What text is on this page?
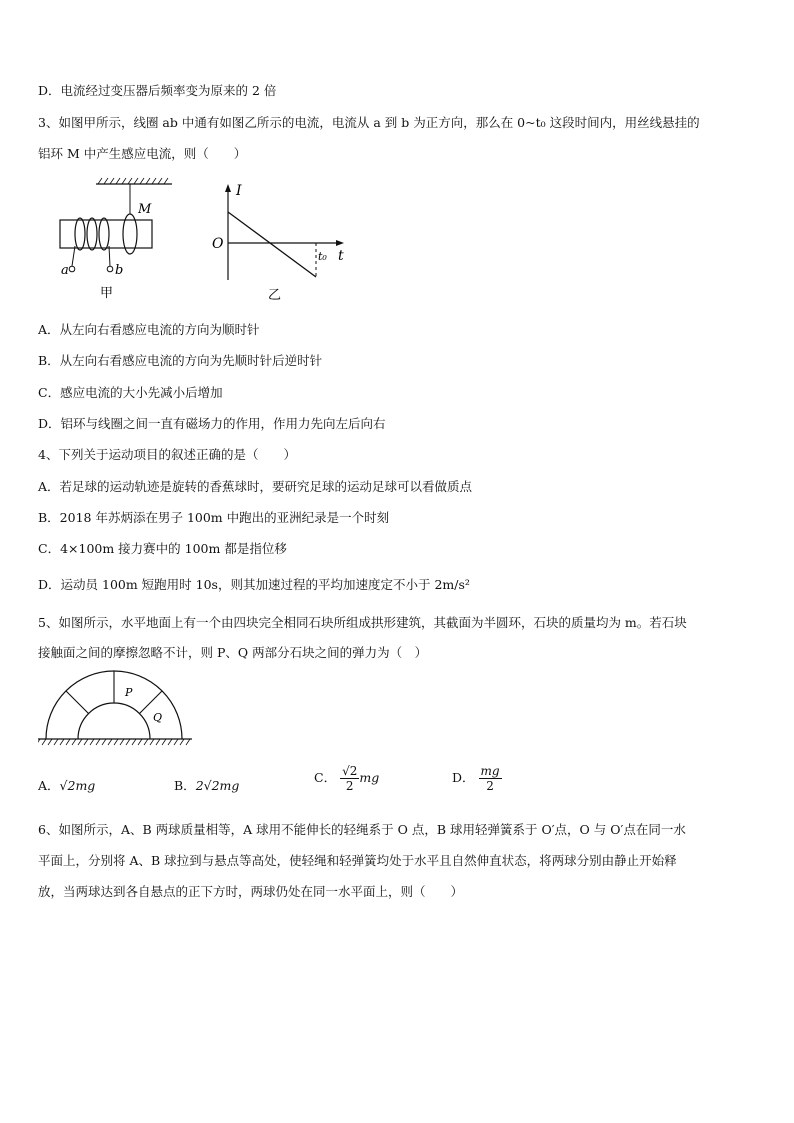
D．电流经过变压器后频率变为原来的 2 倍
3、如图甲所示，线圈 ab 中通有如图乙所示的电流，电流从 a 到 b 为正方向，那么在 0~t₀ 这段时间内，用丝线悬挂的
铝环 M 中产生感应电流，则（　　）
M
a	b
甲
I
O
t₀ t
乙
A．从左向右看感应电流的方向为顺时针
B．从左向右看感应电流的方向为先顺时针后逆时针
C．感应电流的大小先减小后增加
D．铝环与线圈之间一直有磁场力的作用，作用力先向左后向右
4、下列关于运动项目的叙述正确的是（　　）
A．若足球的运动轨迹是旋转的香蕉球时，要研究足球的运动足球可以看做质点
B．2018 年苏炳添在男子 100m 中跑出的亚洲纪录是一个时刻
C．4×100m 接力赛中的 100m 都是指位移
D．运动员 100m 短跑用时 10s，则其加速过程的平均加速度定不小于 2m/s²
5、如图所示，水平地面上有一个由四块完全相同石块所组成拱形建筑，其截面为半圆环，石块的质量均为 m。若石块
接触面之间的摩擦忽略不计，则 P、Q 两部分石块之间的弹力为（　）
P
Q
A．√2mg	B．2√2mg
C． $\frac{√2}{2}$ mg	D． $\frac{mg}{2}$
6、如图所示，A、B 两球质量相等，A 球用不能伸长的轻绳系于 O 点，B 球用轻弹簧系于 O′点，O 与 O′点在同一水
平面上，分别将 A、B 球拉到与悬点等高处，使轻绳和轻弹簧均处于水平且自然伸直状态，将两球分别由静止开始释
放，当两球达到各自悬点的正下方时，两球仍处在同一水平面上，则（　　）
